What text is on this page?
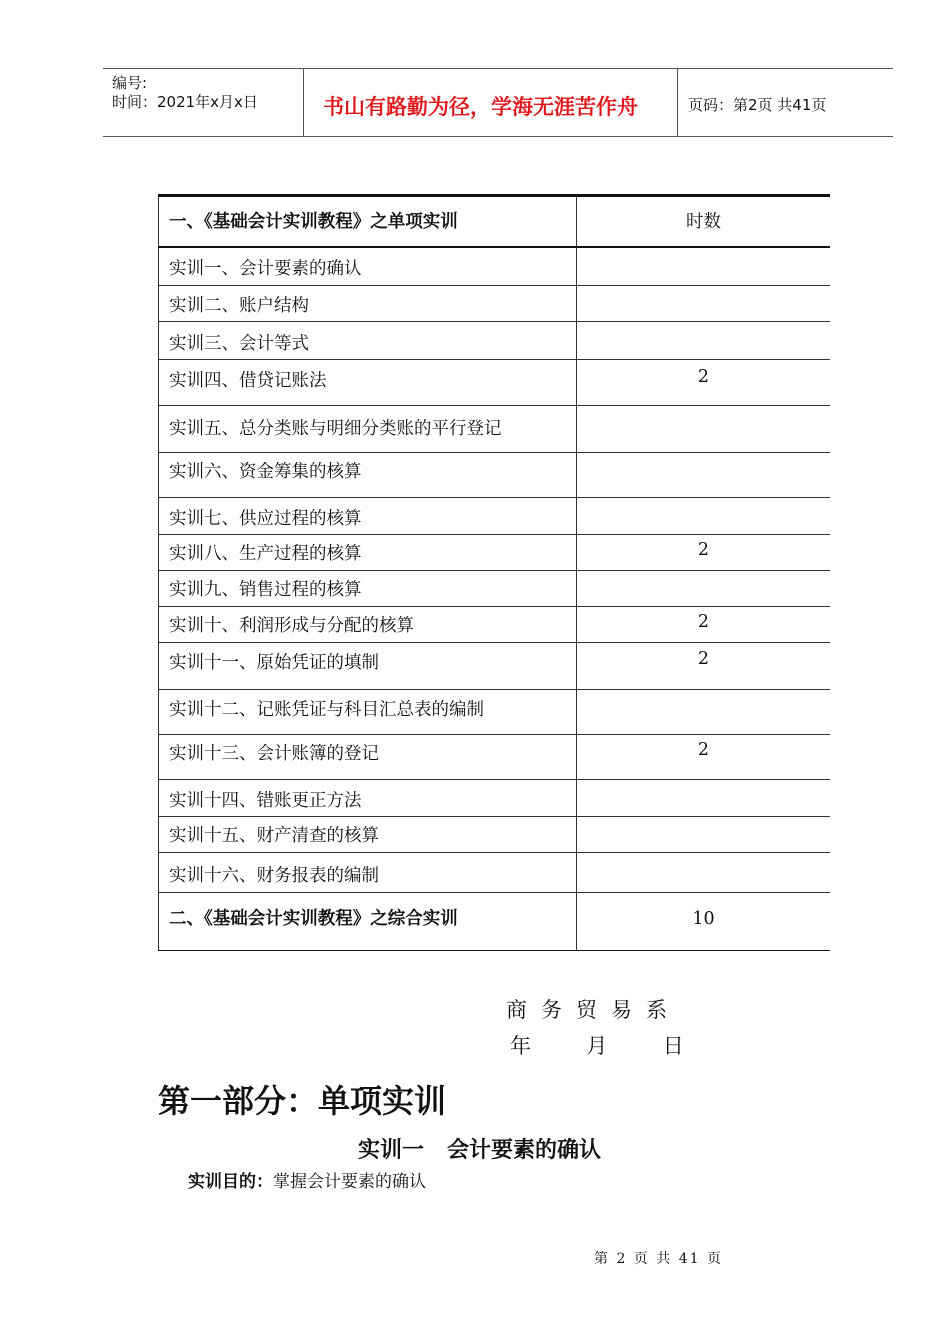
编号:
时间：2021年x月x日	书山有路勤为径，学海无涯苦作舟	页码：第2页 共41页
一、《基础会计实训教程》之单项实训	时数
实训一、会计要素的确认
实训二、账户结构
实训三、会计等式
实训四、借贷记账法	2
实训五、总分类账与明细分类账的平行登记
实训六、资金筹集的核算
实训七、供应过程的核算
实训八、生产过程的核算	2
实训九、销售过程的核算
实训十、利润形成与分配的核算	2
实训十一、原始凭证的填制	2
实训十二、记账凭证与科目汇总表的编制
实训十三、会计账簿的登记	2
实训十四、错账更正方法
实训十五、财产清查的核算
实训十六、财务报表的编制
二、《基础会计实训教程》之综合实训	10
商务贸易系
年  月  日
第一部分：单项实训
实训一   会计要素的确认
实训目的：掌握会计要素的确认
第 2 页 共 41 页
